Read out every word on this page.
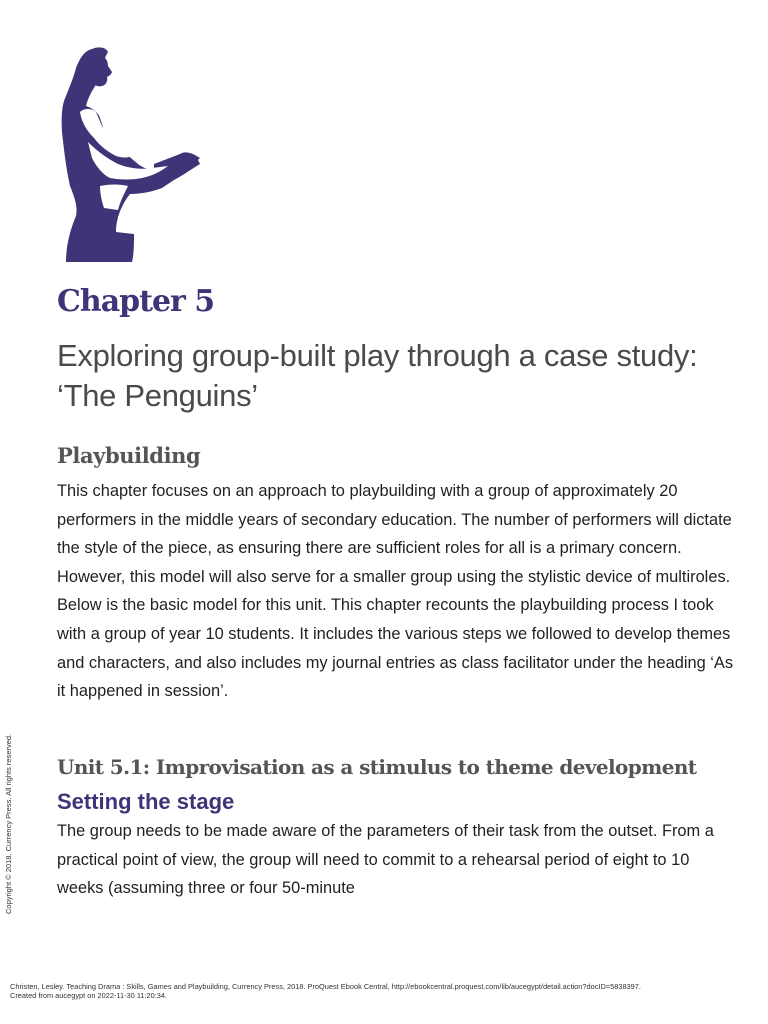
Chapter 5
Exploring group-built play through a case study: ‘The Penguins’
Playbuilding

This chapter focuses on an approach to playbuilding with a group of approximately 20 performers in the middle years of secondary education. The number of performers will dictate the style of the piece, as ensuring there are sufficient roles for all is a primary concern. However, this model will also serve for a smaller group using the stylistic device of multiroles. Below is the basic model for this unit. This chapter recounts the playbuilding process I took with a group of year 10 students. It includes the various steps we followed to develop themes and characters, and also includes my journal entries as class facilitator under the heading ‘As it happened in session’.

Unit 5.1: Improvisation as a stimulus to theme development
Setting the stage

The group needs to be made aware of the parameters of their task from the outset. From a practical point of view, the group will need to commit to a rehearsal period of eight to 10 weeks (assuming three or four 50-minute

Copyright © 2018. Currency Press. All rights reserved.
Christen, Lesley. Teaching Drama : Skills, Games and Playbuilding, Currency Press, 2018. ProQuest Ebook Central, http://ebookcentral.proquest.com/lib/aucegypt/detail.action?docID=5838397.
Created from aucegypt on 2022-11-30 11:20:34.
